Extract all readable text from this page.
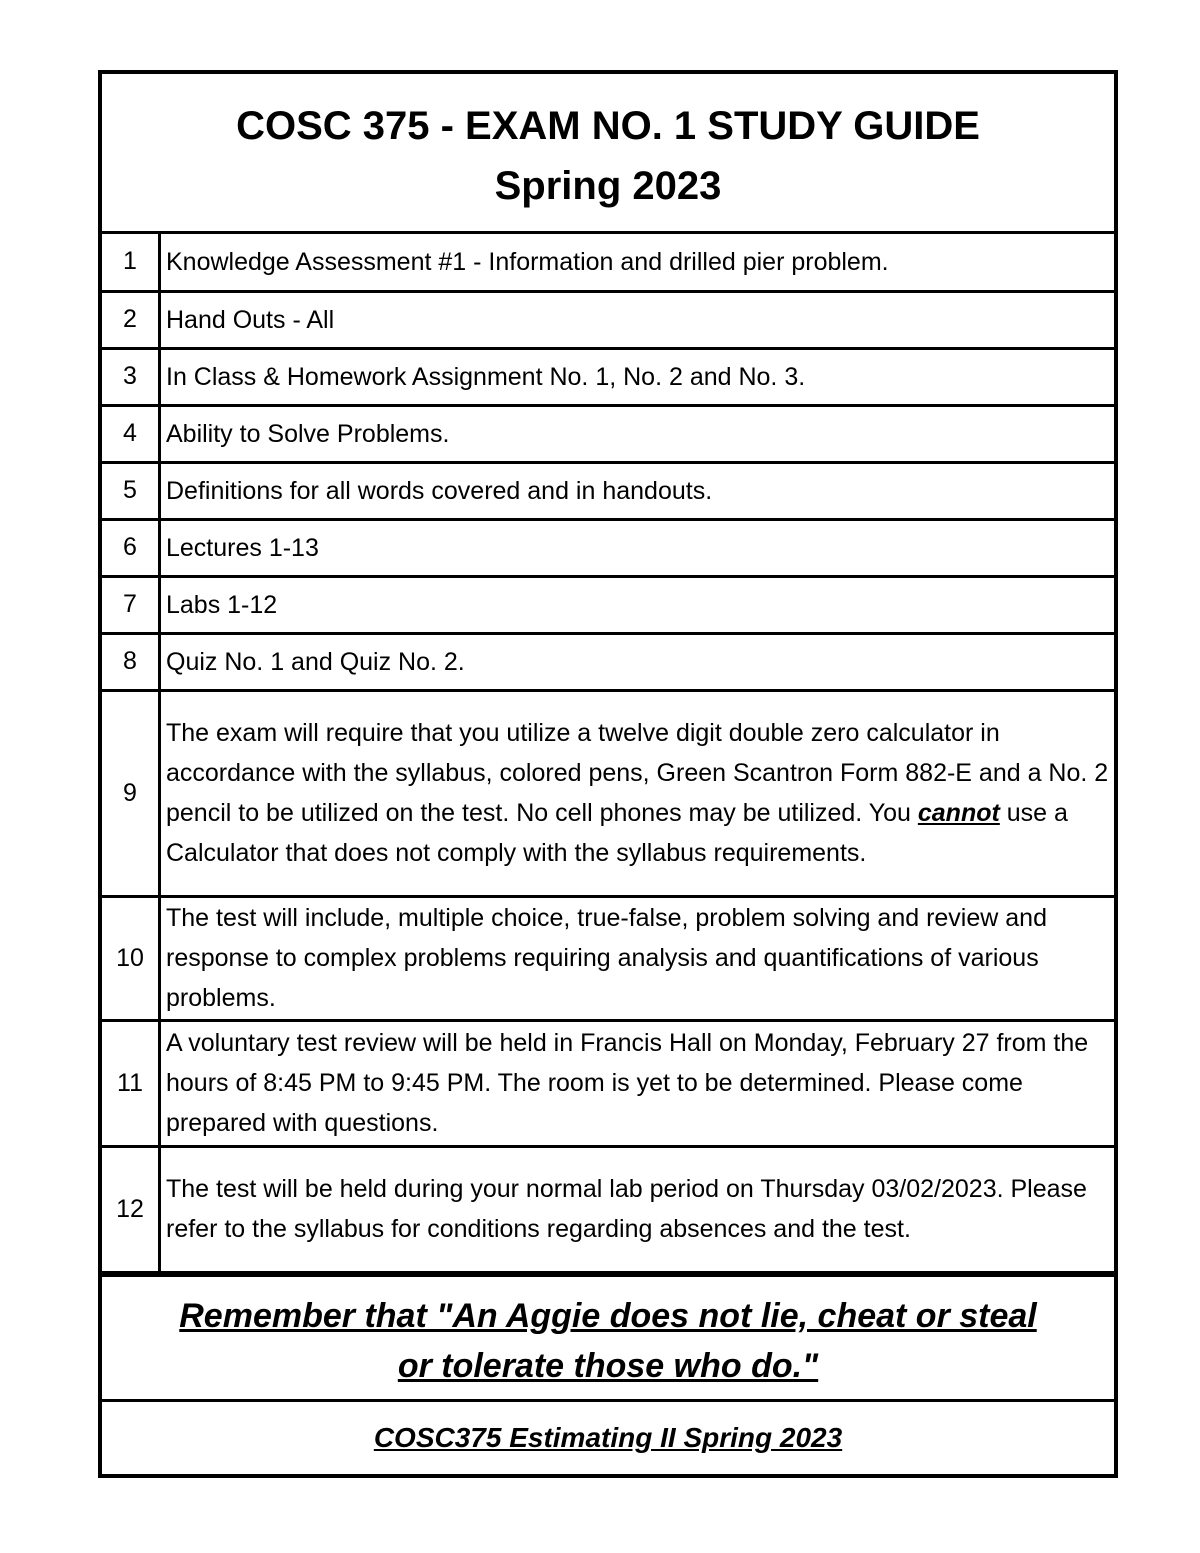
COSC 375 - EXAM NO. 1 STUDY GUIDE
Spring 2023
1	Knowledge Assessment #1 - Information and drilled pier problem.
2	Hand Outs - All
3	In Class & Homework Assignment No. 1, No. 2 and No. 3.
4	Ability to Solve Problems.
5	Definitions for all words covered and in handouts.
6	Lectures 1-13
7	Labs 1-12
8	Quiz No. 1 and Quiz No. 2.
9	The exam will require that you utilize a twelve digit double zero calculator in accordance with the syllabus, colored pens, Green Scantron Form 882-E and a No. 2 pencil to be utilized on the test. No cell phones may be utilized. You cannot use a Calculator that does not comply with the syllabus requirements.
10	The test will include, multiple choice, true-false, problem solving and review and response to complex problems requiring analysis and quantifications of various problems.
11	A voluntary test review will be held in Francis Hall on Monday, February 27 from the hours of 8:45 PM to 9:45 PM. The room is yet to be determined. Please come prepared with questions.
12	The test will be held during your normal lab period on Thursday 03/02/2023. Please refer to the syllabus for conditions regarding absences and the test.
Remember that "An Aggie does not lie, cheat or steal
or tolerate those who do."
COSC375 Estimating II Spring 2023
